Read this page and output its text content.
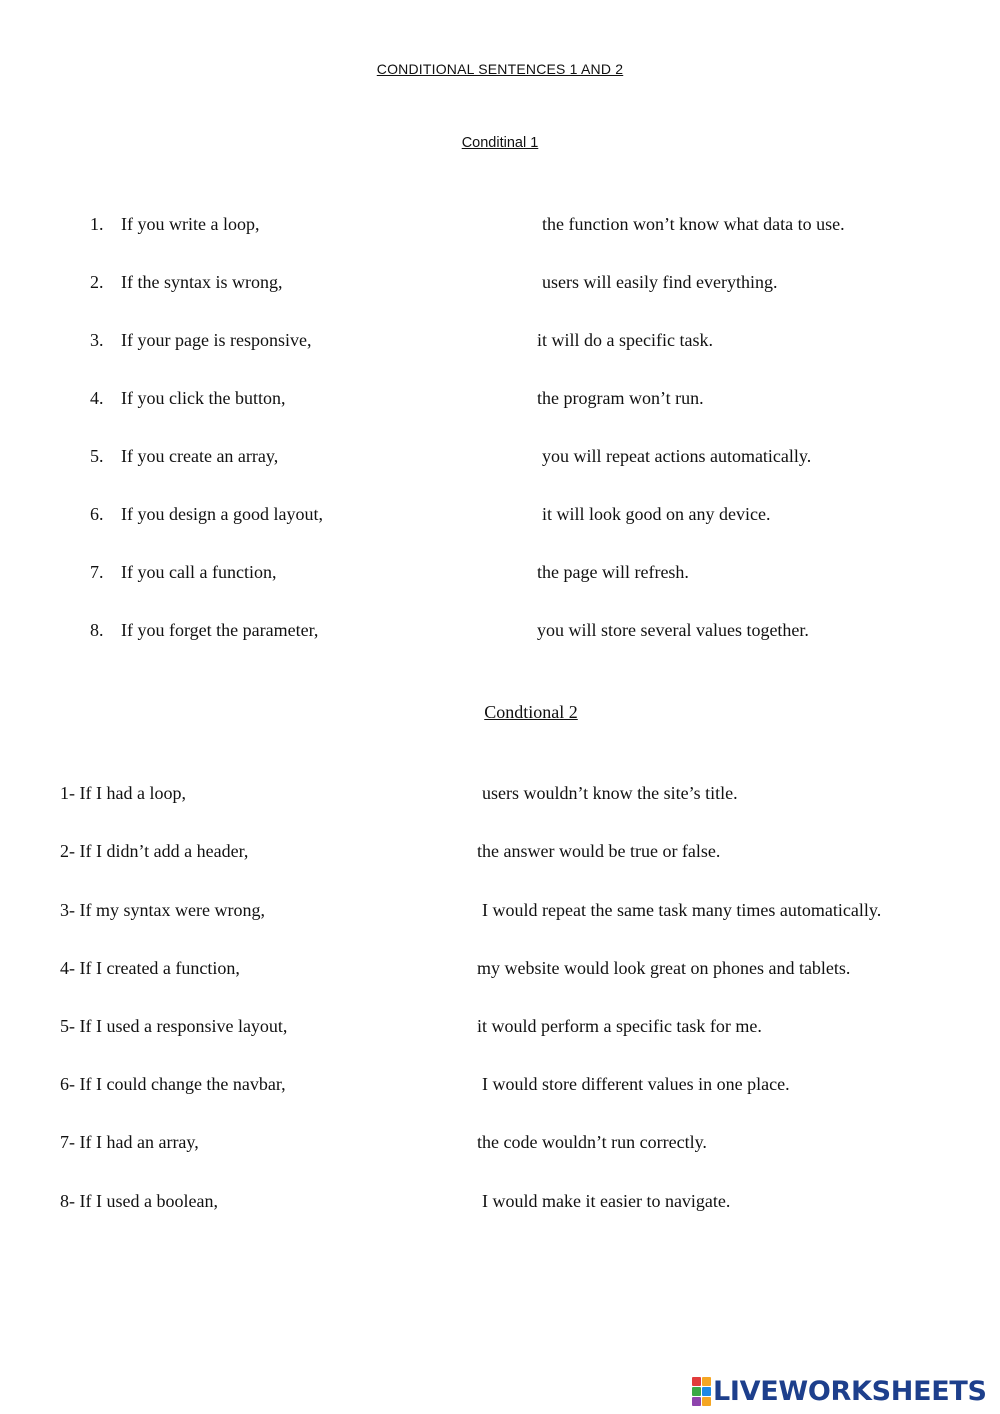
CONDITIONAL SENTENCES 1 AND 2
Conditinal 1
1. If you write a loop,	the function won’t know what data to use.
2. If the syntax is wrong,	users will easily find everything.
3. If your page is responsive,	it will do a specific task.
4. If you click the button,	the program won’t run.
5. If you create an array,	you will repeat actions automatically.
6. If you design a good layout,	it will look good on any device.
7. If you call a function,	the page will refresh.
8. If you forget the parameter,	you will store several values together.
Condtional 2
1- If I had a loop,	users wouldn’t know the site’s title.
2- If I didn’t add a header,	the answer would be true or false.
3- If my syntax were wrong,	I would repeat the same task many times automatically.
4- If I created a function,	my website would look great on phones and tablets.
5- If I used a responsive layout,	it would perform a specific task for me.
6- If I could change the navbar,	I would store different values in one place.
7- If I had an array,	the code wouldn’t run correctly.
8- If I used a boolean,	I would make it easier to navigate.
LIVEWORKSHEETS
